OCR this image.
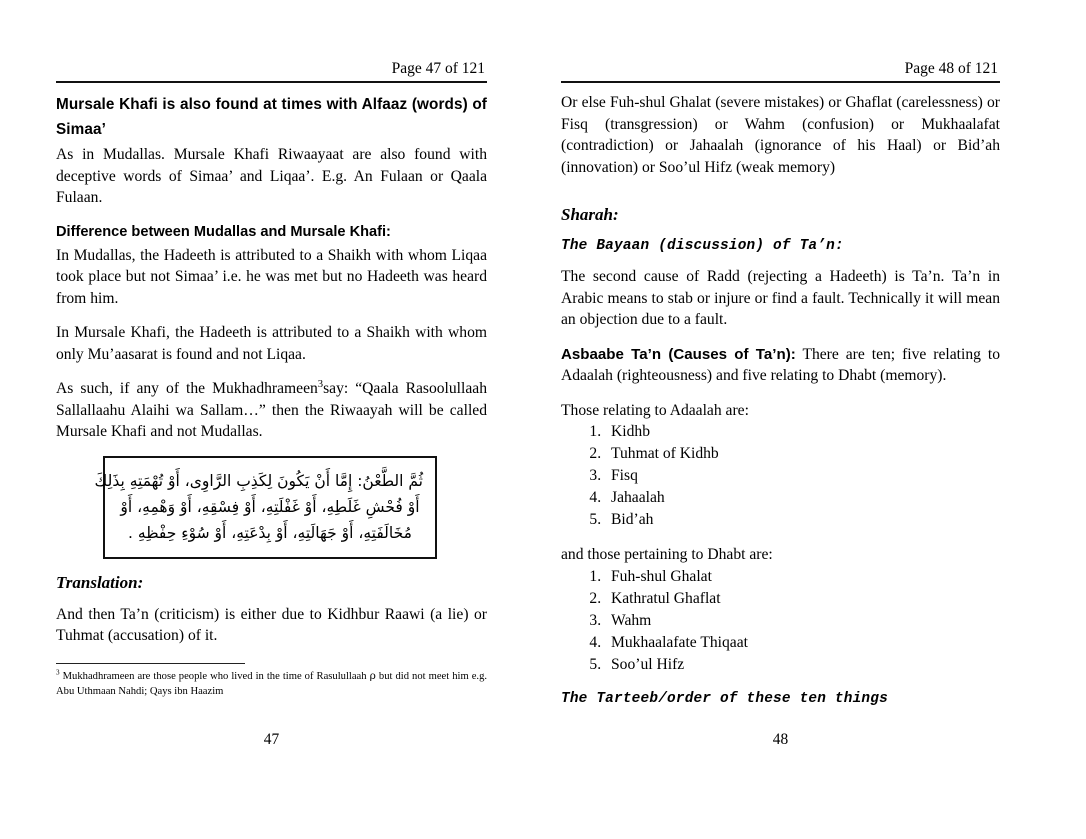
Page 47 of 121
Mursale Khafi is also found at times with Alfaaz (words) of Simaa’

As in Mudallas. Mursale Khafi Riwaayaat are also found with deceptive words of Simaa’ and Liqaa’. E.g. An Fulaan or Qaala Fulaan.

Difference between Mudallas and Mursale Khafi:

In Mudallas, the Hadeeth is attributed to a Shaikh with whom Liqaa took place but not Simaa’ i.e. he was met but no Hadeeth was heard from him.

In Mursale Khafi, the Hadeeth is attributed to a Shaikh with whom only Mu’aasarat is found and not Liqaa.

As such, if any of the Mukhadhrameen$^3$say: “Qaala Rasoolullaah Sallallaahu Alaihi wa Sallam…” then the Riwaayah will be called Mursale Khafi and not Mudallas.

ثُمَّ الطَّعْنُ: إِمَّا أَنْ يَكُونَ لِكَذِبِ الرَّاوِى، أَوْ تُهْمَتِهِ بِذَلِكَ
أَوْ فُحْشِ غَلَطِهِ، أَوْ غَفْلَتِهِ، أَوْ فِسْقِهِ، أَوْ وَهْمِهِ، أَوْ
مُخَالَفَتِهِ، أَوْ جَهَالَتِهِ، أَوْ بِدْعَتِهِ، أَوْ سُوْءِ حِفْظِهِ .
Translation:

And then Ta’n (criticism) is either due to Kidhbur Raawi (a lie) or Tuhmat (accusation) of it.

$^3$ Mukhadhrameen are those people who lived in the time of Rasulullaah ρ but did not meet him e.g. Abu Uthmaan Nahdi; Qays ibn Haazim

47
Page 48 of 121

Or else Fuh-shul Ghalat (severe mistakes) or Ghaflat (carelessness) or Fisq (transgression) or Wahm (confusion) or Mukhaalafat (contradiction) or Jahaalah (ignorance of his Haal) or Bid’ah (innovation) or Soo’ul Hifz (weak memory)

Sharah:
The Bayaan (discussion) of Ta’n:

The second cause of Radd (rejecting a Hadeeth) is Ta’n. Ta’n in Arabic means to stab or injure or find a fault. Technically it will mean an objection due to a fault.

Asbaabe Ta’n (Causes of Ta’n): There are ten; five relating to Adaalah (righteousness) and five relating to Dhabt (memory).

Those relating to Adaalah are:

1. Kidhb
2. Tuhmat of Kidhb
3. Fisq
4. Jahaalah
5. Bid’ah

and those pertaining to Dhabt are:

1. Fuh-shul Ghalat
2. Kathratul Ghaflat
3. Wahm
4. Mukhaalafate Thiqaat
5. Soo’ul Hifz
The Tarteeb/order of these ten things
48
